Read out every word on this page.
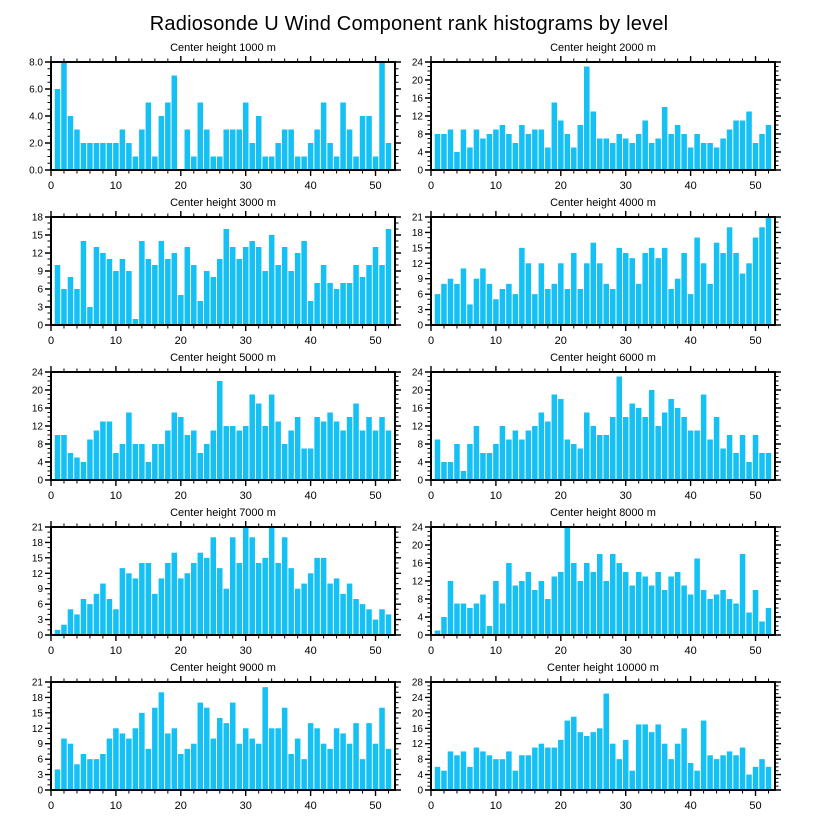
Radiosonde U Wind Component rank histograms by level
Center height 1000 m
0.0
2.0
4.0
6.0
8.0
0	10	20	30	40	50
Center height 2000 m
0
4
8
12
16
20
24
0	10	20	30	40	50
Center height 3000 m
0
3
6
9
12
15
18
0	10	20	30	40	50
Center height 4000 m
0
3
6
9
12
15
18
21
0	10	20	30	40	50
Center height 5000 m
0
4
8
12
16
20
24
0	10	20	30	40	50
Center height 6000 m
0
4
8
12
16
20
24
0	10	20	30	40	50
Center height 7000 m
0
3
6
9
12
15
18
21
0	10	20	30	40	50
Center height 8000 m
0
4
8
12
16
20
24
0	10	20	30	40	50
Center height 9000 m
0
3
6
9
12
15
18
21
0	10	20	30	40	50
Center height 10000 m
0
4
8
12
16
20
24
28
0	10	20	30	40	50
